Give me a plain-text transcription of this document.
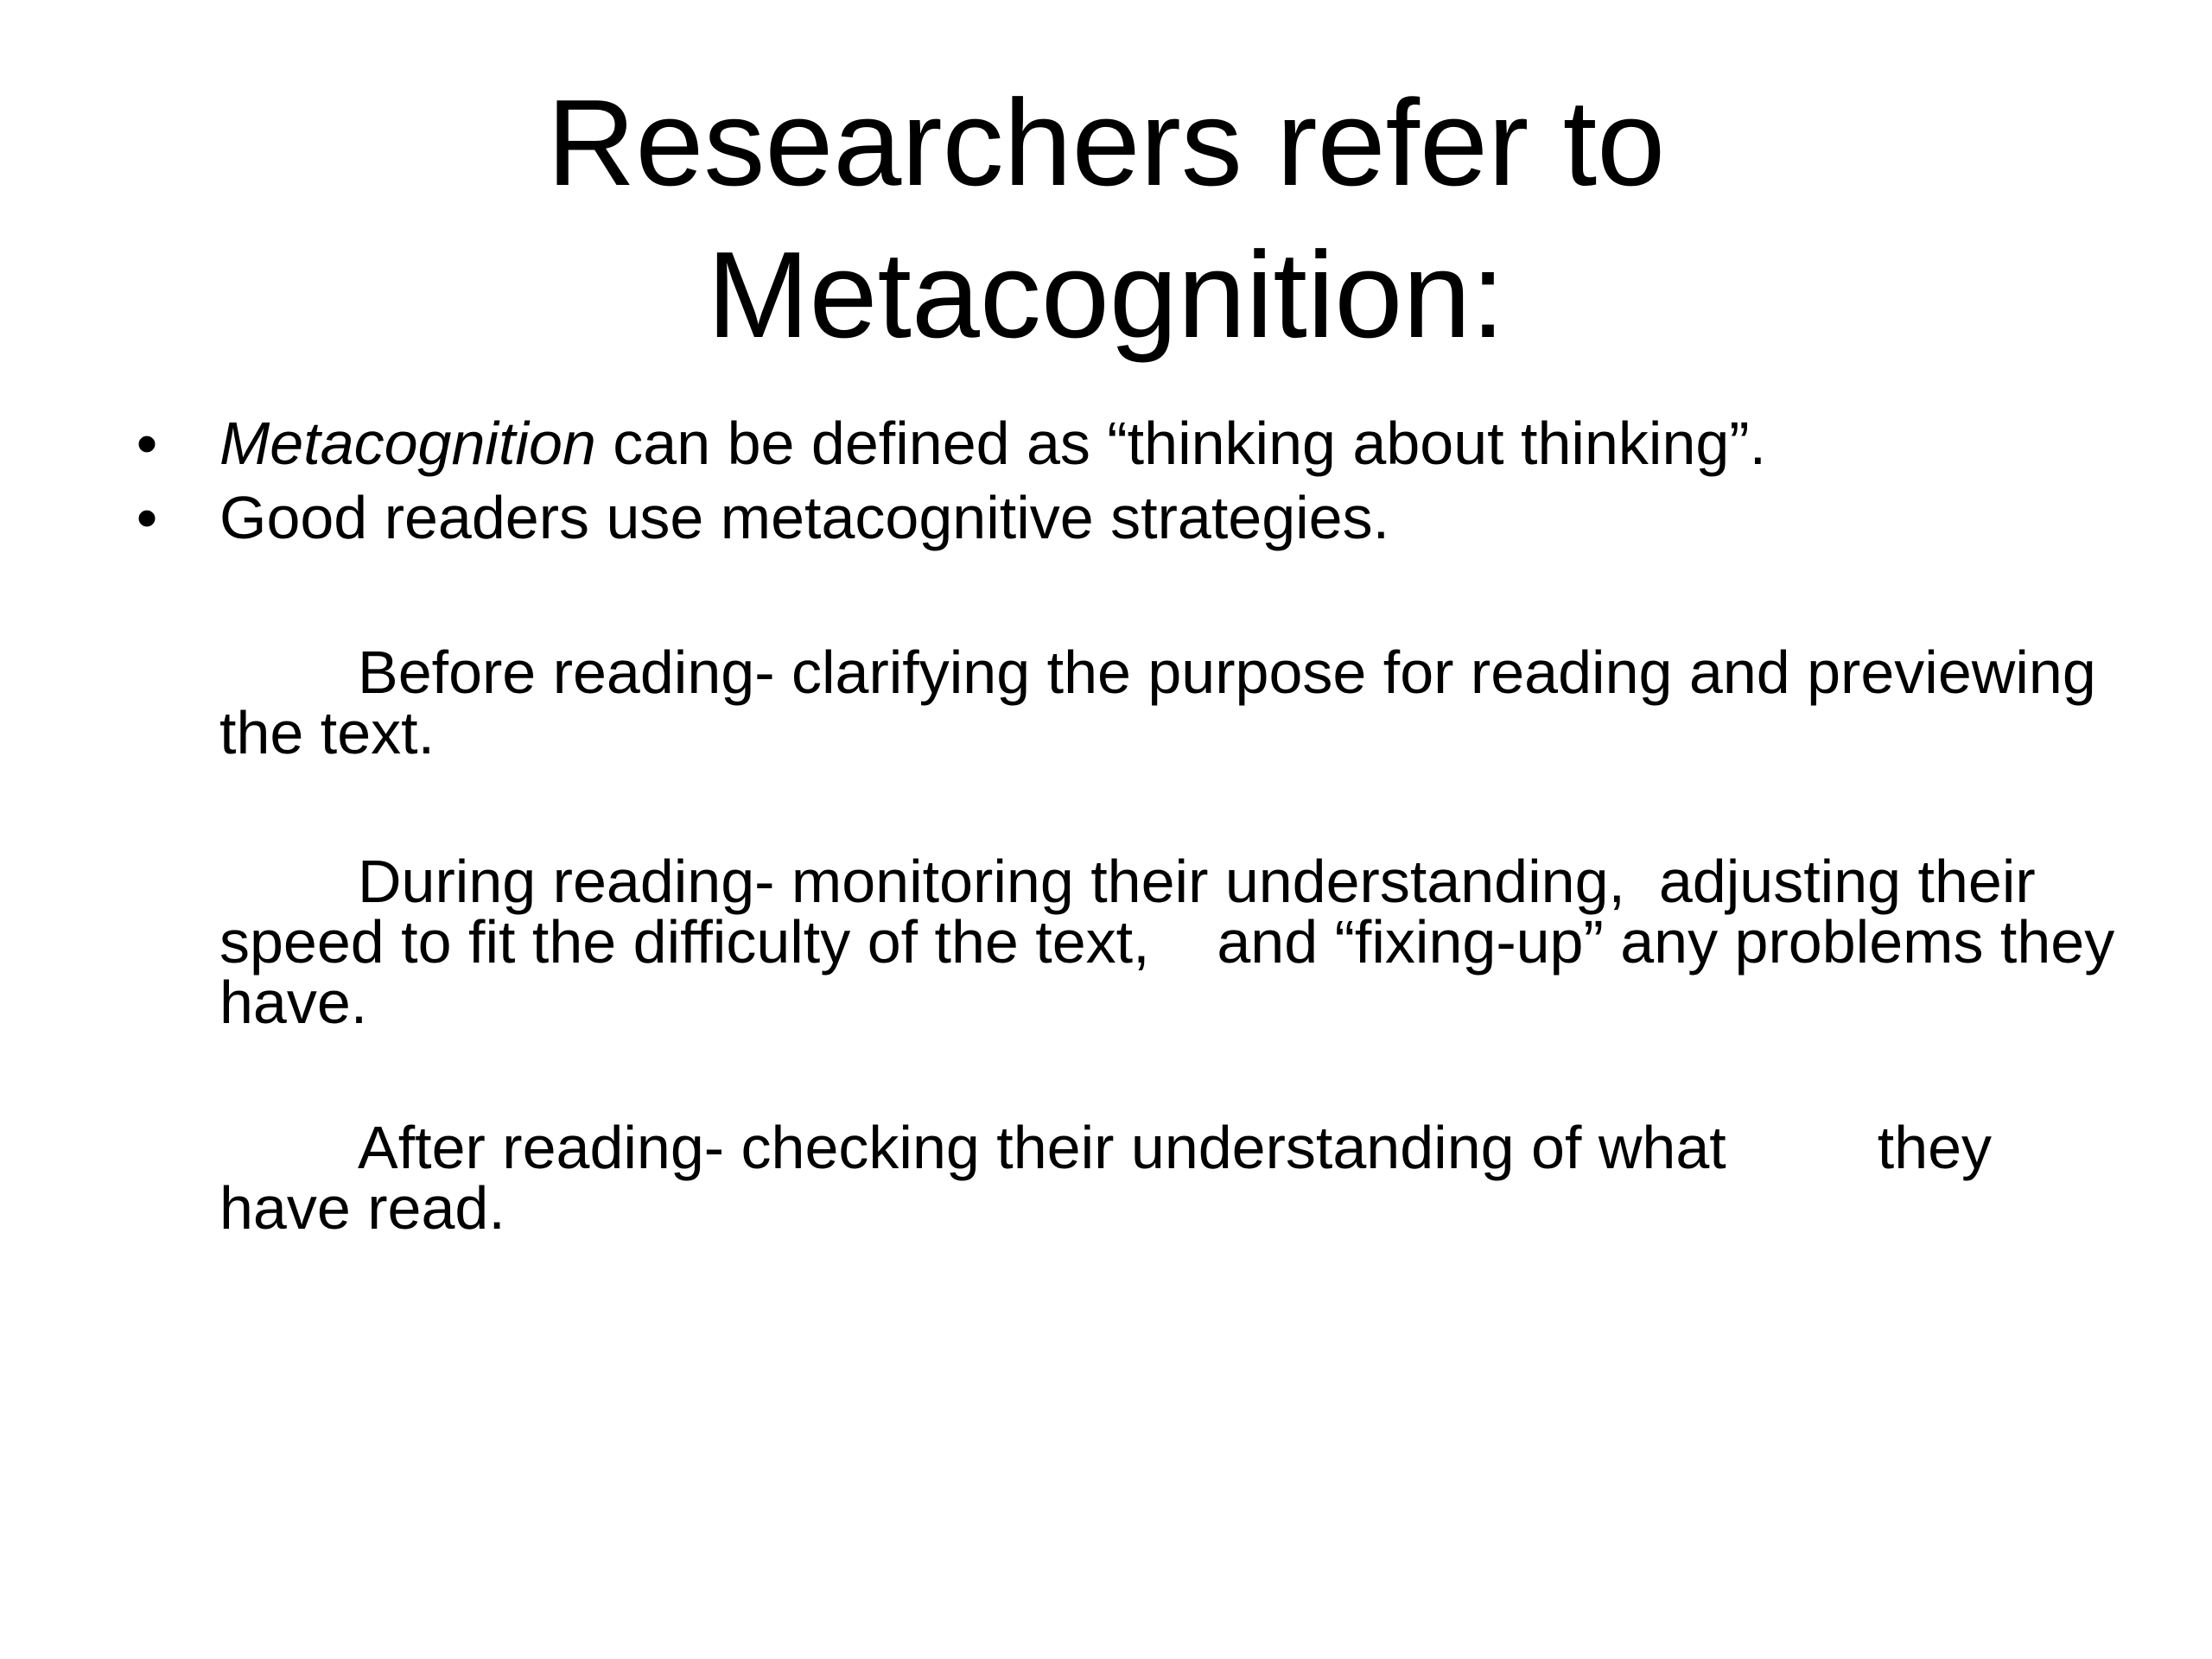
Researchers refer to
Metacognition:
• Metacognition can be defined as “thinking about thinking”.
• Good readers use metacognitive strategies.

Before reading- clarifying the purpose for reading and previewing the text.

During reading- monitoring their understanding,  adjusting their speed to fit the difficulty of the text,    and “fixing-up” any problems they have.

After reading- checking their understanding of what         they have read.
